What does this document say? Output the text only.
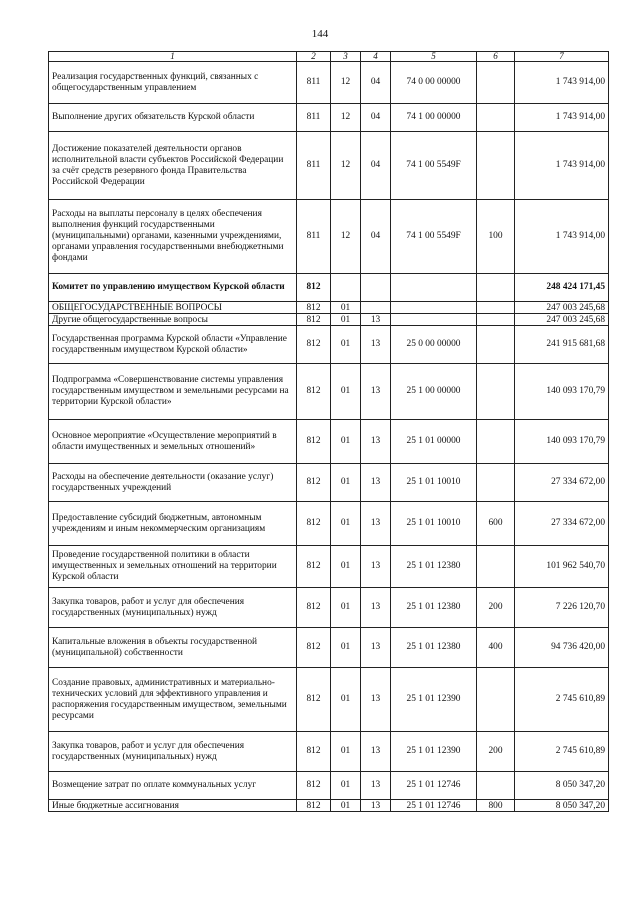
144
1	2	3	4	5	6	7
Реализация государственных функций, связанных с общегосударственным управлением	811	12	04	74 0 00 00000		1 743 914,00
Выполнение других обязательств Курской области	811	12	04	74 1 00 00000		1 743 914,00
Достижение показателей деятельности органов исполнительной власти субъектов Российской Федерации за счёт средств резервного фонда Правительства Российской Федерации	811	12	04	74 1 00 5549F		1 743 914,00
Расходы на выплаты персоналу в целях обеспечения выполнения функций государственными (муниципальными) органами, казенными учреждениями, органами управления государственными внебюджетными фондами	811	12	04	74 1 00 5549F	100	1 743 914,00
Комитет по управлению имуществом Курской области	812					248 424 171,45
ОБЩЕГОСУДАРСТВЕННЫЕ ВОПРОСЫ	812	01				247 003 245,68
Другие общегосударственные вопросы	812	01	13			247 003 245,68
Государственная программа Курской области «Управление государственным имуществом Курской области»	812	01	13	25 0 00 00000		241 915 681,68
Подпрограмма «Совершенствование системы управления государственным имуществом и земельными ресурсами на территории Курской области»	812	01	13	25 1 00 00000		140 093 170,79
Основное мероприятие «Осуществление мероприятий в области имущественных и земельных отношений»	812	01	13	25 1 01 00000		140 093 170,79
Расходы на обеспечение деятельности (оказание услуг) государственных учреждений	812	01	13	25 1 01 10010		27 334 672,00
Предоставление субсидий бюджетным, автономным учреждениям и иным некоммерческим организациям	812	01	13	25 1 01 10010	600	27 334 672,00
Проведение государственной политики в области имущественных и земельных отношений на территории Курской области	812	01	13	25 1 01 12380		101 962 540,70
Закупка товаров, работ и услуг для обеспечения государственных (муниципальных) нужд	812	01	13	25 1 01 12380	200	7 226 120,70
Капитальные вложения в объекты государственной (муниципальной) собственности	812	01	13	25 1 01 12380	400	94 736 420,00
Создание правовых, административных и материально-технических условий для эффективного управления и распоряжения государственным имуществом, земельными ресурсами	812	01	13	25 1 01 12390		2 745 610,89
Закупка товаров, работ и услуг для обеспечения государственных (муниципальных) нужд	812	01	13	25 1 01 12390	200	2 745 610,89
Возмещение затрат по оплате коммунальных услуг	812	01	13	25 1 01 12746		8 050 347,20
Иные бюджетные ассигнования	812	01	13	25 1 01 12746	800	8 050 347,20
